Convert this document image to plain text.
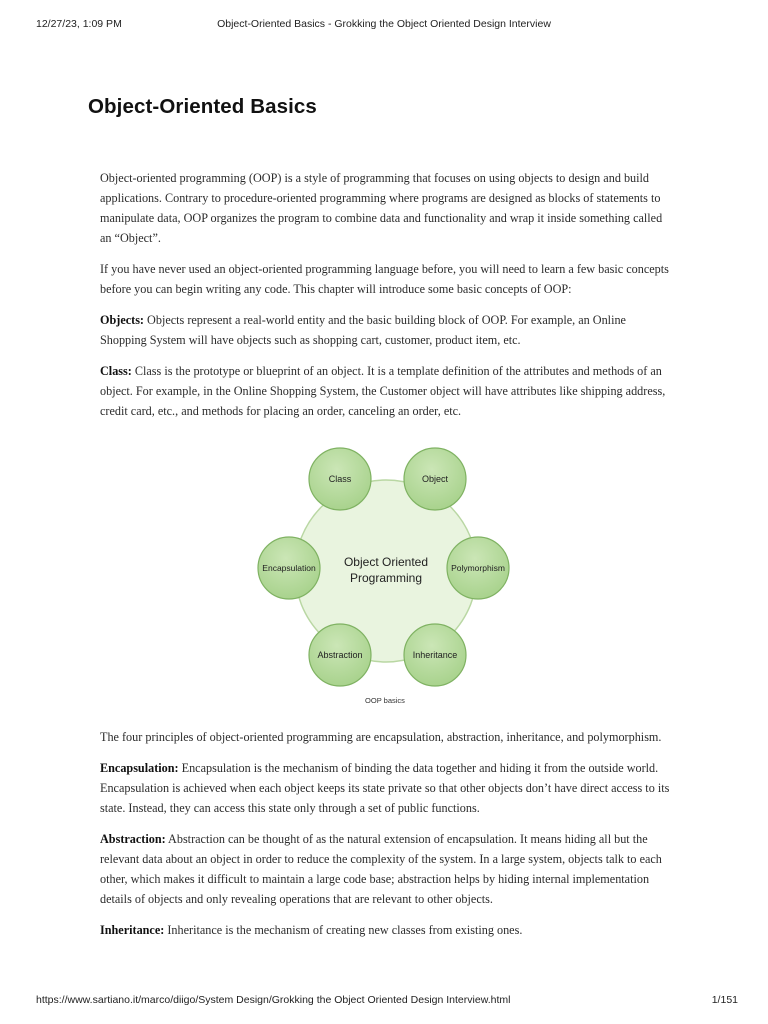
12/27/23, 1:09 PM	Object-Oriented Basics - Grokking the Object Oriented Design Interview
Object-Oriented Basics

Object-oriented programming (OOP) is a style of programming that focuses on using objects to design and build applications. Contrary to procedure-oriented programming where programs are designed as blocks of statements to manipulate data, OOP organizes the program to combine data and functionality and wrap it inside something called an “Object”.

If you have never used an object-oriented programming language before, you will need to learn a few basic concepts before you can begin writing any code. This chapter will introduce some basic concepts of OOP:

Objects: Objects represent a real-world entity and the basic building block of OOP. For example, an Online Shopping System will have objects such as shopping cart, customer, product item, etc.

Class: Class is the prototype or blueprint of an object. It is a template definition of the attributes and methods of an object. For example, in the Online Shopping System, the Customer object will have attributes like shipping address, credit card, etc., and methods for placing an order, canceling an order, etc.

Object Oriented
Programming
Class	Object
Encapsulation	Polymorphism
Abstraction	Inheritance
OOP basics

The four principles of object-oriented programming are encapsulation, abstraction, inheritance, and polymorphism.

Encapsulation: Encapsulation is the mechanism of binding the data together and hiding it from the outside world. Encapsulation is achieved when each object keeps its state private so that other objects don’t have direct access to its state. Instead, they can access this state only through a set of public functions.

Abstraction: Abstraction can be thought of as the natural extension of encapsulation. It means hiding all but the relevant data about an object in order to reduce the complexity of the system. In a large system, objects talk to each other, which makes it difficult to maintain a large code base; abstraction helps by hiding internal implementation details of objects and only revealing operations that are relevant to other objects.

Inheritance: Inheritance is the mechanism of creating new classes from existing ones.

https://www.sartiano.it/marco/diigo/System Design/Grokking the Object Oriented Design Interview.html	1/151
